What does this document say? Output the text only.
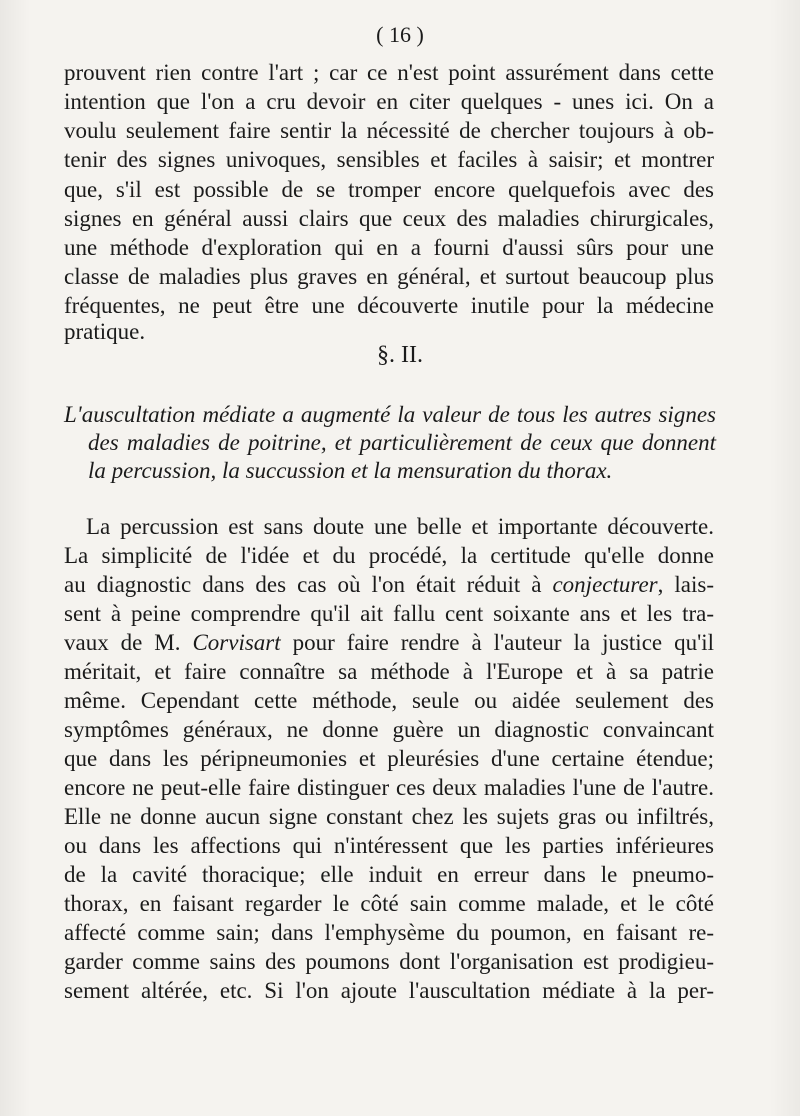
( 16 )
prouvent rien contre l'art ; car ce n'est point assurément dans cette
intention que l'on a cru devoir en citer quelques - unes ici. On a
voulu seulement faire sentir la nécessité de chercher toujours à ob-
tenir des signes univoques, sensibles et faciles à saisir; et montrer
que, s'il est possible de se tromper encore quelquefois avec des
signes en général aussi clairs que ceux des maladies chirurgicales,
une méthode d'exploration qui en a fourni d'aussi sûrs pour une
classe de maladies plus graves en général, et surtout beaucoup plus
fréquentes, ne peut être une découverte inutile pour la médecine
pratique.
§. II.
L'auscultation médiate a augmenté la valeur de tous les autres signes
des maladies de poitrine, et particulièrement de ceux que donnent
la percussion, la succussion et la mensuration du thorax.
La percussion est sans doute une belle et importante découverte.
La simplicité de l'idée et du procédé, la certitude qu'elle donne
au diagnostic dans des cas où l'on était réduit à conjecturer, lais-
sent à peine comprendre qu'il ait fallu cent soixante ans et les tra-
vaux de M. Corvisart pour faire rendre à l'auteur la justice qu'il
méritait, et faire connaître sa méthode à l'Europe et à sa patrie
même. Cependant cette méthode, seule ou aidée seulement des
symptômes généraux, ne donne guère un diagnostic convaincant
que dans les péripneumonies et pleurésies d'une certaine étendue;
encore ne peut-elle faire distinguer ces deux maladies l'une de l'autre.
Elle ne donne aucun signe constant chez les sujets gras ou infiltrés,
ou dans les affections qui n'intéressent que les parties inférieures
de la cavité thoracique; elle induit en erreur dans le pneumo-
thorax, en faisant regarder le côté sain comme malade, et le côté
affecté comme sain; dans l'emphysème du poumon, en faisant re-
garder comme sains des poumons dont l'organisation est prodigieu-
sement altérée, etc. Si l'on ajoute l'auscultation médiate à la per-
